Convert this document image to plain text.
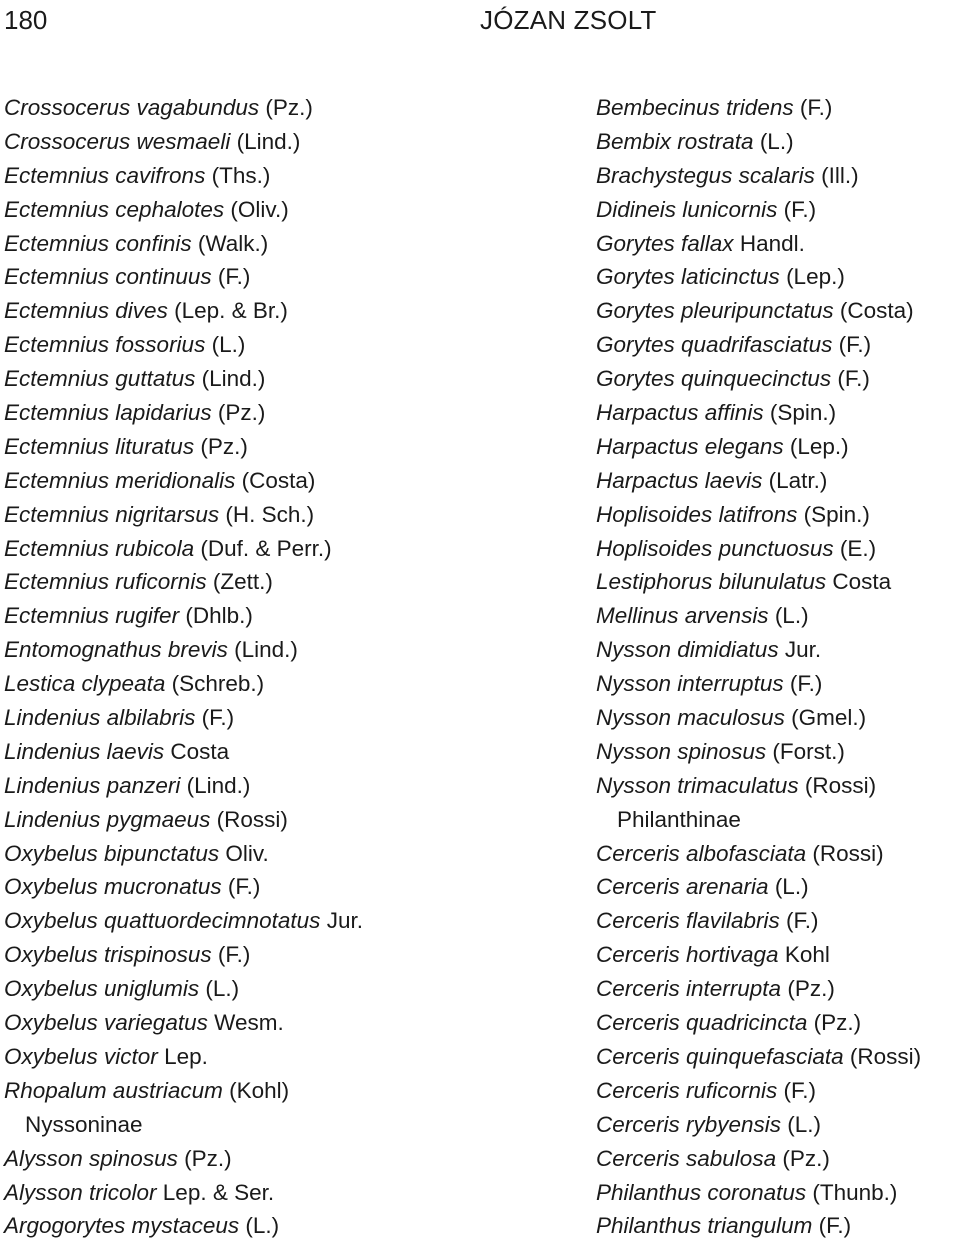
180	JÓZAN ZSOLT
Crossocerus vagabundus (Pz.)
Crossocerus wesmaeli (Lind.)
Ectemnius cavifrons (Ths.)
Ectemnius cephalotes (Oliv.)
Ectemnius confinis (Walk.)
Ectemnius continuus (F.)
Ectemnius dives (Lep. & Br.)
Ectemnius fossorius (L.)
Ectemnius guttatus (Lind.)
Ectemnius lapidarius (Pz.)
Ectemnius lituratus (Pz.)
Ectemnius meridionalis (Costa)
Ectemnius nigritarsus (H. Sch.)
Ectemnius rubicola (Duf. & Perr.)
Ectemnius ruficornis (Zett.)
Ectemnius rugifer (Dhlb.)
Entomognathus brevis (Lind.)
Lestica clypeata (Schreb.)
Lindenius albilabris (F.)
Lindenius laevis Costa
Lindenius panzeri (Lind.)
Lindenius pygmaeus (Rossi)
Oxybelus bipunctatus Oliv.
Oxybelus mucronatus (F.)
Oxybelus quattuordecimnotatus Jur.
Oxybelus trispinosus (F.)
Oxybelus uniglumis (L.)
Oxybelus variegatus Wesm.
Oxybelus victor Lep.
Rhopalum austriacum (Kohl)
Nyssoninae
Alysson spinosus (Pz.)
Alysson tricolor Lep. & Ser.
Argogorytes mystaceus (L.)
Bembecinus tridens (F.)
Bembix rostrata (L.)
Brachystegus scalaris (Ill.)
Didineis lunicornis (F.)
Gorytes fallax Handl.
Gorytes laticinctus (Lep.)
Gorytes pleuripunctatus (Costa)
Gorytes quadrifasciatus (F.)
Gorytes quinquecinctus (F.)
Harpactus affinis (Spin.)
Harpactus elegans (Lep.)
Harpactus laevis (Latr.)
Hoplisoides latifrons (Spin.)
Hoplisoides punctuosus (E.)
Lestiphorus bilunulatus Costa
Mellinus arvensis (L.)
Nysson dimidiatus Jur.
Nysson interruptus (F.)
Nysson maculosus (Gmel.)
Nysson spinosus (Forst.)
Nysson trimaculatus (Rossi)
Philanthinae
Cerceris albofasciata (Rossi)
Cerceris arenaria (L.)
Cerceris flavilabris (F.)
Cerceris hortivaga Kohl
Cerceris interrupta (Pz.)
Cerceris quadricincta (Pz.)
Cerceris quinquefasciata (Rossi)
Cerceris ruficornis (F.)
Cerceris rybyensis (L.)
Cerceris sabulosa (Pz.)
Philanthus coronatus (Thunb.)
Philanthus triangulum (F.)
